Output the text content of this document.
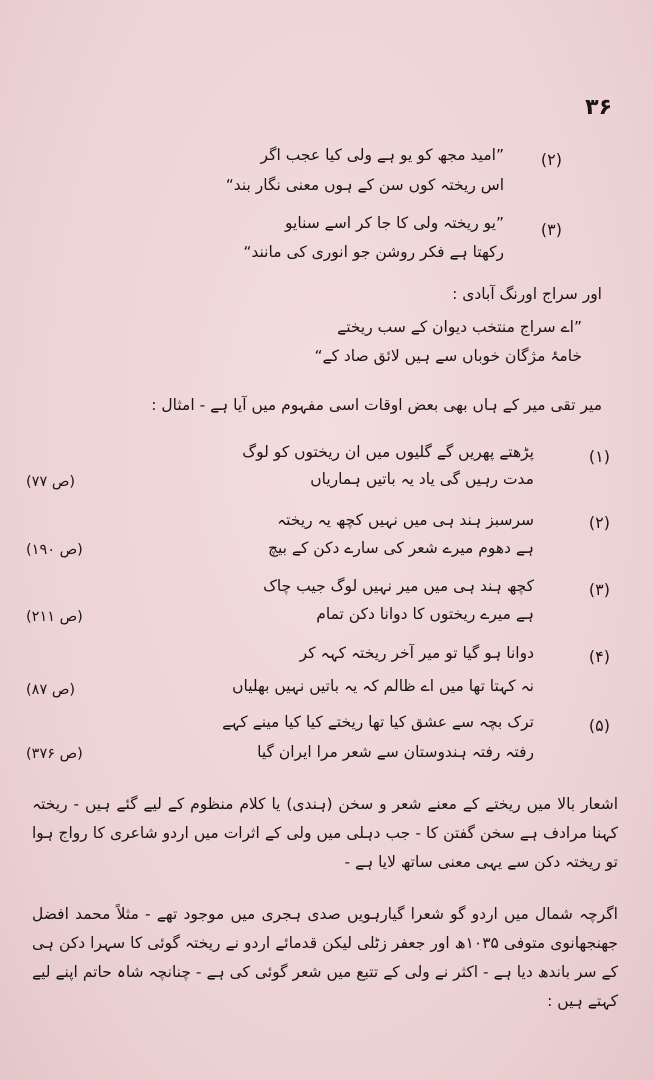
۳۶
(۲)
”امید مجھ کو یو ہے ولی کیا عجب اگر
اس ریختہ کوں سن کے ہوں معنی نگار بند“
(۳)
”یو ریختہ ولی کا جا کر اسے سنایو
رکھتا ہے فکر روشن جو انوری کی مانند“
اور سراج اورنگ آبادی :
”اے سراج منتخب دیوان کے سب ریختے
خامۂ مژگان خوباں سے ہیں لائق صاد کے“
میر تقی میر کے ہاں بھی بعض اوقات اسی مفہوم میں آیا ہے - امثال :
(۱)
پڑھتے پھریں گے گلیوں میں ان ریختوں کو لوگ
مدت رہیں گی یاد یہ باتیں ہماریاں
(ص ۷۷)
(۲)
سرسبز ہند ہی میں نہیں کچھ یہ ریختہ
ہے دھوم میرے شعر کی سارے دکن کے بیچ
(ص ۱۹۰)
(۳)
کچھ ہند ہی میں میر نہیں لوگ جیب چاک
ہے میرے ریختوں کا دوانا دکن تمام
(ص ۲۱۱)
(۴)
دوانا ہو گیا تو میر آخر ریختہ کہہ کر
نہ کہتا تھا میں اے ظالم کہ یہ باتیں نہیں بھلیاں
(ص ۸۷)
(۵)
ترک بچہ سے عشق کیا تھا ریختے کیا کیا مینے کہے
رفتہ رفتہ ہندوستان سے شعر مرا ایران گیا
(ص ۳۷۶)
اشعار بالا میں ریختے کے معنے شعر و سخن (ہندی) یا کلام منظوم کے لیے گئے ہیں - ریختہ کہنا مرادف ہے سخن گفتن کا - جب دہلی میں ولی کے اثرات میں اردو شاعری کا رواج ہوا تو ریختہ دکن سے یہی معنی ساتھ لایا ہے -
اگرچہ شمال میں اردو گو شعرا گیارہویں صدی ہجری میں موجود تھے - مثلاً محمد افضل جھنجھانوی متوفی ۱۰۳۵ھ اور جعفر زٹلی لیکن قدمائے اردو نے ریختہ گوئی کا سہرا دکن ہی کے سر باندھ دیا ہے - اکثر نے ولی کے تتبع میں شعر گوئی کی ہے - چنانچہ شاہ حاتم اپنے لیے کہتے ہیں :
